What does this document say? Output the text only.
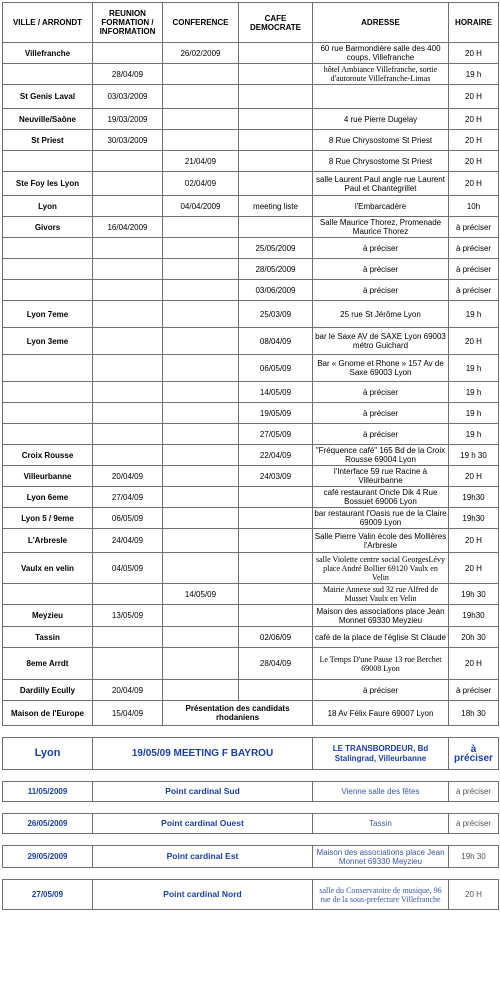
VILLE / ARRONDT	REUNION FORMATION / INFORMATION	CONFERENCE	CAFE DEMOCRATE	ADRESSE	HORAIRE
Villefranche		26/02/2009		60 rue Barmondière salle des 400 coups, Villefranche	20 H
	28/04/09			hôtel Ambiance Villefranche, sortie d'autoroute Villefranche-Limas	19 h
St Genis Laval	03/03/2009				20 H
Neuville/Saône	19/03/2009			4 rue Pierre Dugelay	20 H
St Priest	30/03/2009			8 Rue Chrysostome St Priest	20 H
		21/04/09		8 Rue Chrysostome St Priest	20 H
Ste Foy les Lyon		02/04/09		salle Laurent Paul angle rue Laurent Paul et Chantegrillet	20 H
Lyon		04/04/2009	meeting liste	l'Embarcadère	10h
Givors	16/04/2009			Salle Maurice Thorez, Promenade Maurice Thorez	à préciser
			25/05/2009	à préciser	à préciser
			28/05/2009	à préciser	à préciser
			03/06/2009	à préciser	à préciser
Lyon 7eme			25/03/09	25 rue St Jérôme Lyon	19 h
Lyon 3eme			08/04/09	bar le Saxe AV de SAXE Lyon 69003 métro Guichard	20 H
			06/05/09	Bar « Gnome et Rhone » 157 Av de Saxe 69003 Lyon	19 h
			14/05/09	à préciser	19 h
			19/05/09	à préciser	19 h
			27/05/09	à préciser	19 h
Croix Rousse			22/04/09	"Fréquence café" 165 Bd de la Croix Rousse 69004 Lyon	19 h 30
Villeurbanne	20/04/09		24/03/09	l'Interface 59 rue Racine à Villeurbanne	20 H
Lyon 6eme	27/04/09			café restaurant Oncle Dik 4 Rue Bossuet 69006 Lyon	19h30
Lyon 5 / 9eme	06/05/09			bar restaurant l'Oasis rue de la Claire 69009 Lyon	19h30
L'Arbresle	24/04/09			Salle Pierre Valin école des Mollières l'Arbresle	20 H
Vaulx en velin	04/05/09			salle Violette centre social GeorgesLévy place André Bollier 69120 Vaulx en Velin	20 H
		14/05/09		Mairie Annexe sud 32 rue Alfred de Musset Vaulx en Velin	19h 30
Meyzieu	13/05/09			Maison des associations place Jean Monnet 69330 Meyzieu	19h30
Tassin			02/06/09	café de la place de l'église St Claude	20h 30
8eme Arrdt			28/04/09	Le Temps D'une Pause 13 rue Berchet 69008 Lyon	20 H
Dardilly Ecully	20/04/09			à préciser	à préciser
Maison de l'Europe	15/04/09	Présentation des candidats rhodaniens		18 Av Félix Faure 69007 Lyon	18h 30

Lyon	19/05/09 MEETING F BAYROU			LE TRANSBORDEUR, Bd Stalingrad, Villeurbanne	à préciser

11/05/2009	Point cardinal Sud			Vienne salle des fêtes	à préciser

26/05/2009	Point cardinal Ouest			Tassin	à préciser

29/05/2009	Point cardinal Est			Maison des associations place Jean Monnet 69330 Meyzieu	19h 30

27/05/09	Point cardinal Nord			salle du Conservatoire de musique, 96 rue de la sous-prefecture Villefranche	20 H
